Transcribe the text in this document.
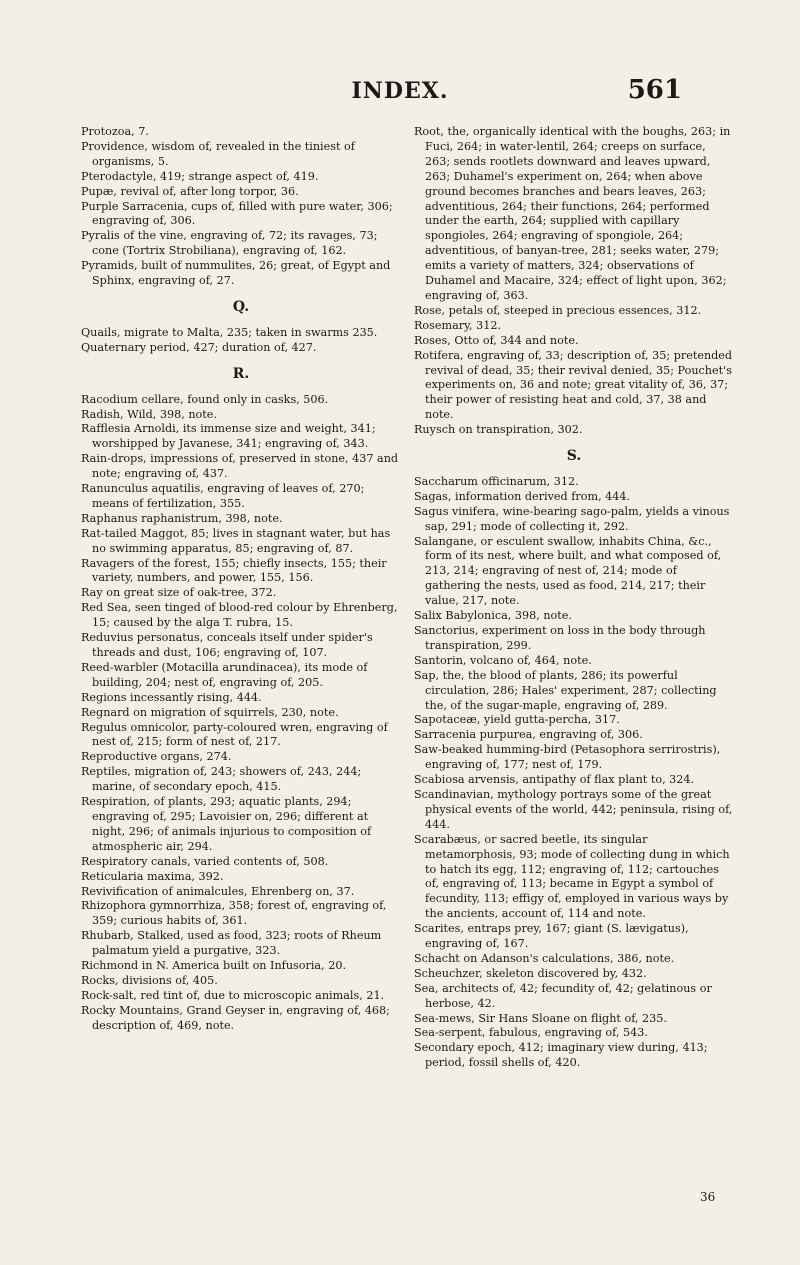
INDEX.	561

Protozoa, 7.

Providence, wisdom of, revealed in the tiniest of organisms, 5.

Pterodactyle, 419; strange aspect of, 419.

Pupæ, revival of, after long torpor, 36.

Purple Sarracenia, cups of, filled with pure water, 306; engraving of, 306.

Pyralis of the vine, engraving of, 72; its ravages, 73; cone (Tortrix Strobiliana), engraving of, 162.

Pyramids, built of nummulites, 26; great, of Egypt and Sphinx, engraving of, 27.

Q.

Quails, migrate to Malta, 235; taken in swarms 235.

Quaternary period, 427; duration of, 427.

R.

Racodium cellare, found only in casks, 506.

Radish, Wild, 398, note.

Rafflesia Arnoldi, its immense size and weight, 341; worshipped by Javanese, 341; engraving of, 343.

Rain-drops, impressions of, preserved in stone, 437 and note; engraving of, 437.

Ranunculus aquatilis, engraving of leaves of, 270; means of fertilization, 355.

Raphanus raphanistrum, 398, note.

Rat-tailed Maggot, 85; lives in stagnant water, but has no swimming apparatus, 85; engraving of, 87.

Ravagers of the forest, 155; chiefly insects, 155; their variety, numbers, and power, 155, 156.

Ray on great size of oak-tree, 372.

Red Sea, seen tinged of blood-red colour by Ehrenberg, 15; caused by the alga T. rubra, 15.

Reduvius personatus, conceals itself under spider's threads and dust, 106; engraving of, 107.

Reed-warbler (Motacilla arundinacea), its mode of building, 204; nest of, engraving of, 205.

Regions incessantly rising, 444.

Regnard on migration of squirrels, 230, note.

Regulus omnicolor, party-coloured wren, engraving of nest of, 215; form of nest of, 217.

Reproductive organs, 274.

Reptiles, migration of, 243; showers of, 243, 244; marine, of secondary epoch, 415.

Respiration, of plants, 293; aquatic plants, 294; engraving of, 295; Lavoisier on, 296; different at night, 296; of animals injurious to composition of atmospheric air, 294.

Respiratory canals, varied contents of, 508.

Reticularia maxima, 392.

Revivification of animalcules, Ehrenberg on, 37.

Rhizophora gymnorrhiza, 358; forest of, engraving of, 359; curious habits of, 361.

Rhubarb, Stalked, used as food, 323; roots of Rheum palmatum yield a purgative, 323.

Richmond in N. America built on Infusoria, 20.

Rocks, divisions of, 405.

Rock-salt, red tint of, due to microscopic animals, 21.

Rocky Mountains, Grand Geyser in, engraving of, 468; description of, 469, note.

Root, the, organically identical with the boughs, 263; in Fuci, 264; in water-lentil, 264; creeps on surface, 263; sends rootlets downward and leaves upward, 263; Duhamel's experiment on, 264; when above ground becomes branches and bears leaves, 263; adventitious, 264; their functions, 264; performed under the earth, 264; supplied with capillary spongioles, 264; engraving of spongiole, 264; adventitious, of banyan-tree, 281; seeks water, 279; emits a variety of matters, 324; observations of Duhamel and Macaire, 324; effect of light upon, 362; engraving of, 363.

Rose, petals of, steeped in precious essences, 312.

Rosemary, 312.

Roses, Otto of, 344 and note.

Rotifera, engraving of, 33; description of, 35; pretended revival of dead, 35; their revival denied, 35; Pouchet's experiments on, 36 and note; great vitality of, 36, 37; their power of resisting heat and cold, 37, 38 and note.

Ruysch on transpiration, 302.

S.

Saccharum officinarum, 312.

Sagas, information derived from, 444.

Sagus vinifera, wine-bearing sago-palm, yields a vinous sap, 291; mode of collecting it, 292.

Salangane, or esculent swallow, inhabits China, &c., form of its nest, where built, and what composed of, 213, 214; engraving of nest of, 214; mode of gathering the nests, used as food, 214, 217; their value, 217, note.

Salix Babylonica, 398, note.

Sanctorius, experiment on loss in the body through transpiration, 299.

Santorin, volcano of, 464, note.

Sap, the, the blood of plants, 286; its powerful circulation, 286; Hales' experiment, 287; collecting the, of the sugar-maple, engraving of, 289.

Sapotaceæ, yield gutta-percha, 317.

Sarracenia purpurea, engraving of, 306.

Saw-beaked humming-bird (Petasophora serrirostris), engraving of, 177; nest of, 179.

Scabiosa arvensis, antipathy of flax plant to, 324.

Scandinavian, mythology portrays some of the great physical events of the world, 442; peninsula, rising of, 444.

Scarabæus, or sacred beetle, its singular metamorphosis, 93; mode of collecting dung in which to hatch its egg, 112; engraving of, 112; cartouches of, engraving of, 113; became in Egypt a symbol of fecundity, 113; effigy of, employed in various ways by the ancients, account of, 114 and note.

Scarites, entraps prey, 167; giant (S. lævigatus), engraving of, 167.

Schacht on Adanson's calculations, 386, note.

Scheuchzer, skeleton discovered by, 432.

Sea, architects of, 42; fecundity of, 42; gelatinous or herbose, 42.

Sea-mews, Sir Hans Sloane on flight of, 235.

Sea-serpent, fabulous, engraving of, 543.

Secondary epoch, 412; imaginary view during, 413; period, fossil shells of, 420.

36
